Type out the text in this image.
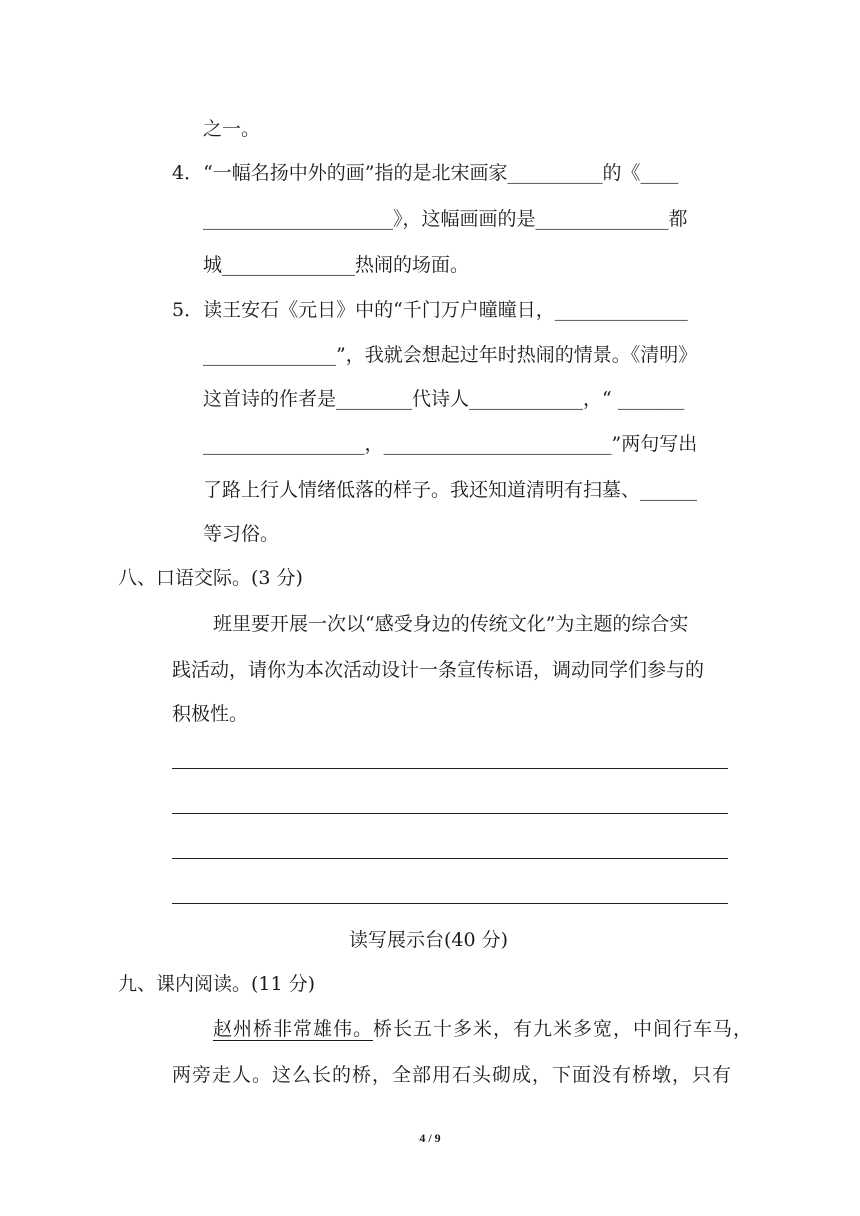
之一。
4．“一幅名扬中外的画”指的是北宋画家__________的《____
____________________》，这幅画画的是______________都
城______________热闹的场面。
5．读王安石《元日》中的“千门万户曈曈日，______________
______________”，我就会想起过年时热闹的情景。《清明》
这首诗的作者是________代诗人____________，“ _______
_________________，________________________”两句写出
了路上行人情绪低落的样子。我还知道清明有扫墓、______
等习俗。
八、口语交际。(3 分)
班里要开展一次以“感受身边的传统文化”为主题的综合实
践活动，请你为本次活动设计一条宣传标语，调动同学们参与的
积极性。
读写展示台(40 分)
九、课内阅读。(11 分)
赵州桥非常雄伟。桥长五十多米，有九米多宽，中间行车马，
两旁走人。这么长的桥，全部用石头砌成，下面没有桥墩，只有
4 / 9
